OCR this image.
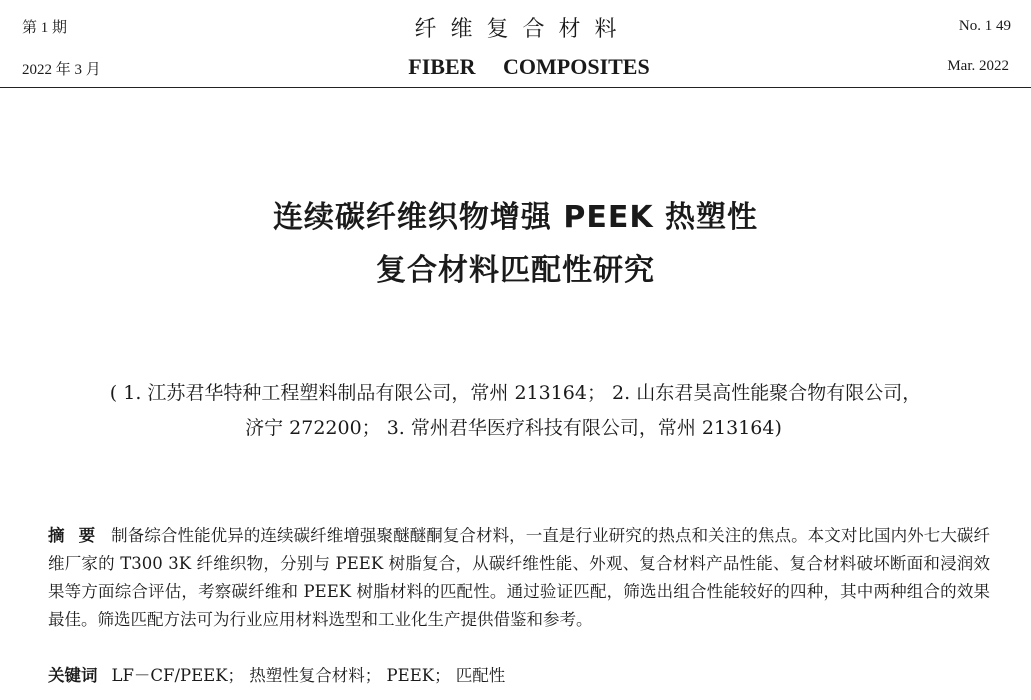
第 1 期
2022 年 3 月
纤维复合材料
FIBER COMPOSITES
No. 1 49
Mar. 2022
连续碳纤维织物增强 PEEK 热塑性
复合材料匹配性研究
( 1. 江苏君华特种工程塑料制品有限公司，常州 213164； 2. 山东君昊高性能聚合物有限公司，
济宁 272200； 3. 常州君华医疗科技有限公司，常州 213164)
摘要 制备综合性能优异的连续碳纤维增强聚醚醚酮复合材料，一直是行业研究的热点和关注的焦点。本文对比国内外七大碳纤维厂家的 T300 3K 纤维织物，分别与 PEEK 树脂复合，从碳纤维性能、外观、复合材料产品性能、复合材料破坏断面和浸润效果等方面综合评估，考察碳纤维和 PEEK 树脂材料的匹配性。通过验证匹配，筛选出组合性能较好的四种，其中两种组合的效果最佳。筛选匹配方法可为行业应用材料选型和工业化生产提供借鉴和参考。
关键词 LF－CF/PEEK； 热塑性复合材料； PEEK； 匹配性
